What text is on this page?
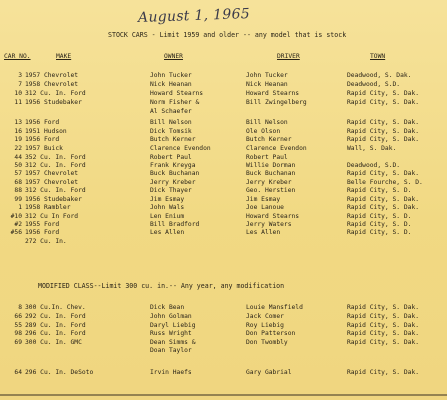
August 1, 1965
STOCK CARS - Limit 1959 and older -- any model that is stock
CAR NO.	MAKE	OWNER	DRIVER	TOWN
3 1957 Chevrolet	John Tucker	John Tucker	Deadwood, S. Dak.
7 1958 Chevrolet	Nick Heanan	Nick Heanan	Deadwood, S.D.
10 312 Cu. In. Ford	Howard Stearns	Howard Stearns	Rapid City, S. Dak.
11 1956 Studebaker	Norm Fisher &	Bill Zwingelberg	Rapid City, S. Dak.
Al Schaefer
13 1956 Ford	Bill Nelson	Bill Nelson	Rapid City, S. Dak.
16 1951 Hudson	Dick Tomsik	Ole Olson	Rapid City, S. Dak.
19 1956 Ford	Butch Kerner	Butch Kerner	Rapid City, S. Dak.
22 1957 Buick	Clarence Evendon	Clarence Evendon	Wall, S. Dak.
44 352 Cu. In. Ford	Robert Paul	Robert Paul
50 312 Cu. In. Ford	Frank Kreyga	Willie Dorman	Deadwood, S.D.
57 1957 Chevrolet	Buck Buchanan	Buck Buchanan	Rapid City, S. Dak.
68 1957 Chevrolet	Jerry Kreber	Jerry Kreber	Belle Fourche, S. D.
88 312 Cu. In. Ford	Dick Thayer	Geo. Herstien	Rapid City, S. D.
99 1956 Studebaker	Jim Esmay	Jim Esmay	Rapid City, S. Dak.
1 1958 Rambler	John Wals	Joe Lanoue	Rapid City, S. Dak.
#10 312 Cu In Ford	Len Enium	Howard Stearns	Rapid City, S. D.
#2 1955 Ford	Bill Bradford	Jerry Waters	Rapid City, S. D.
#56 1956 Ford	Les Allen	Les Allen	Rapid City, S. D.
272 Cu. In.
MODIFIED CLASS--Limit 300 cu. in.-- Any year, any modification
8 300 Cu.In. Chev.	Dick Bean	Louie Mansfield	Rapid City, S. Dak.
66 292 Cu. In. Ford	John Golman	Jack Comer	Rapid City, S. Dak.
55 289 Cu. In. Ford	Daryl Liebig	Roy Liebig	Rapid City, S. Dak.
98 296 Cu. In. Ford	Russ Wright	Don Patterson	Rapid City, S. Dak.
69 300 Cu. In. GMC	Dean Simms &	Don Twombly	Rapid City, S. Dak.
Doan Taylor
64 296 Cu. In. DeSoto	Irvin Haefs	Gary Gabrial	Rapid City, S. Dak.
